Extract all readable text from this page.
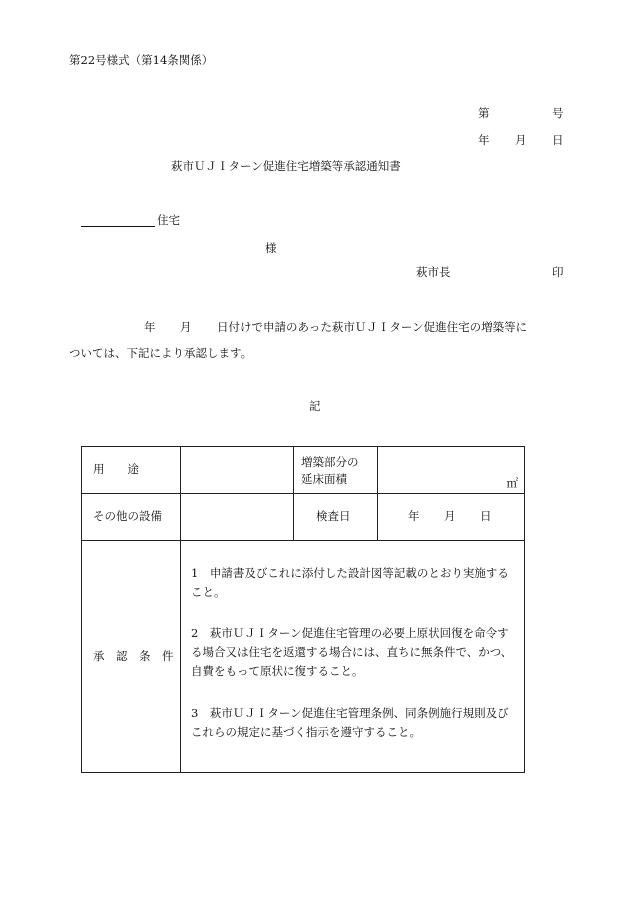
第22号様式（第14条関係）
第	号
年 月 日
萩市ＵＪＩターン促進住宅増築等承認通知書
住宅
様
萩市長	印
年 月 日付けで申請のあった萩市ＵＪＩターン促進住宅の増築等に
ついては、下記により承認します。
記
用　　途		増築部分の
延床面積	㎡

その他の設備		検査日	年 月 日

承　認　条　件	1　申請書及びこれに添付した設計図等記載のとおり実施すること。
2　萩市ＵＪＩターン促進住宅管理の必要上原状回復を命令する場合又は住宅を返還する場合には、直ちに無条件で、かつ、自費をもって原状に復すること。
3　萩市ＵＪＩターン促進住宅管理条例、同条例施行規則及びこれらの規定に基づく指示を遵守すること。		
